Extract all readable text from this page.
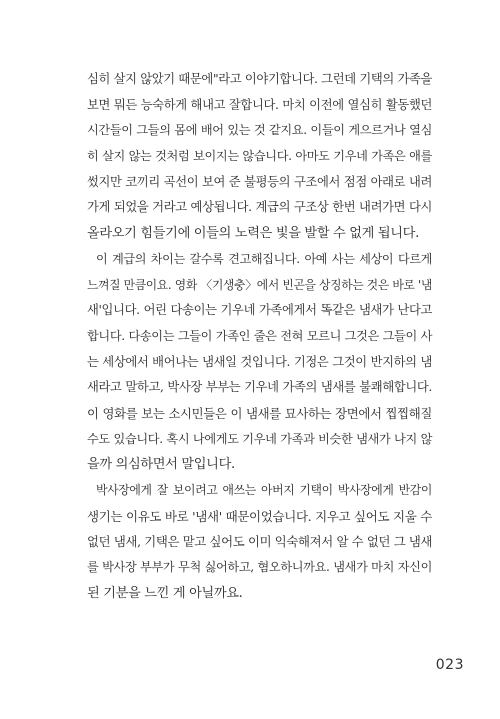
심히 살지 않았기 때문에"라고 이야기합니다. 그런데 기택의 가족을
보면 뭐든 능숙하게 해내고 잘합니다. 마치 이전에 열심히 활동했던
시간들이 그들의 몸에 배어 있는 것 같지요. 이들이 게으르거나 열심
히 살지 않는 것처럼 보이지는 않습니다. 아마도 기우네 가족은 애를
썼지만 코끼리 곡선이 보여 준 불평등의 구조에서 점점 아래로 내려
가게 되었을 거라고 예상됩니다. 계급의 구조상 한번 내려가면 다시
올라오기 힘들기에 이들의 노력은 빛을 발할 수 없게 됩니다.
이 계급의 차이는 갈수록 견고해집니다. 아예 사는 세상이 다르게
느껴질 만큼이요. 영화 〈기생충〉에서 빈곤을 상징하는 것은 바로 '냄
새'입니다. 어린 다송이는 기우네 가족에게서 똑같은 냄새가 난다고
합니다. 다송이는 그들이 가족인 줄은 전혀 모르니 그것은 그들이 사
는 세상에서 배어나는 냄새일 것입니다. 기정은 그것이 반지하의 냄
새라고 말하고, 박사장 부부는 기우네 가족의 냄새를 불쾌해합니다.
이 영화를 보는 소시민들은 이 냄새를 묘사하는 장면에서 찝찝해질
수도 있습니다. 혹시 나에게도 기우네 가족과 비슷한 냄새가 나지 않
을까 의심하면서 말입니다.
박사장에게 잘 보이려고 애쓰는 아버지 기택이 박사장에게 반감이
생기는 이유도 바로 '냄새' 때문이었습니다. 지우고 싶어도 지울 수
없던 냄새, 기택은 맡고 싶어도 이미 익숙해져서 알 수 없던 그 냄새
를 박사장 부부가 무척 싫어하고, 혐오하니까요. 냄새가 마치 자신이
된 기분을 느낀 게 아닐까요.
023
